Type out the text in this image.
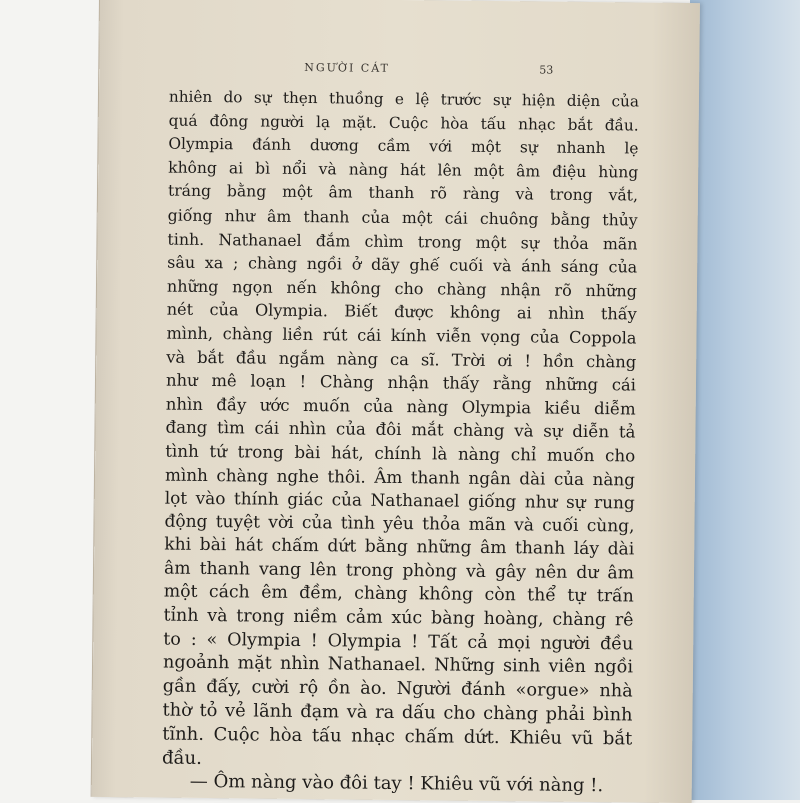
NGƯỜI CÁT	53
nhiên do sự thẹn thuồng e lệ trước sự hiện diện của
quá đông người lạ mặt. Cuộc hòa tấu nhạc bắt đầu.
Olympia đánh dương cầm với một sự nhanh lẹ
không ai bì nổi và nàng hát lên một âm điệu hùng
tráng bằng một âm thanh rõ ràng và trong vắt,
giống như âm thanh của một cái chuông bằng thủy
tinh. Nathanael đắm chìm trong một sự thỏa mãn
sâu xa ; chàng ngồi ở dãy ghế cuối và ánh sáng của
những ngọn nến không cho chàng nhận rõ những
nét của Olympia. Biết được không ai nhìn thấy
mình, chàng liền rút cái kính viễn vọng của Coppola
và bắt đầu ngắm nàng ca sĩ. Trời ơi ! hồn chàng
như mê loạn ! Chàng nhận thấy rằng những cái
nhìn đầy ước muốn của nàng Olympia kiều diễm
đang tìm cái nhìn của đôi mắt chàng và sự diễn tả
tình tứ trong bài hát, chính là nàng chỉ muốn cho
mình chàng nghe thôi. Âm thanh ngân dài của nàng
lọt vào thính giác của Nathanael giống như sự rung
động tuyệt vời của tình yêu thỏa mãn và cuối cùng,
khi bài hát chấm dứt bằng những âm thanh láy dài
âm thanh vang lên trong phòng và gây nên dư âm
một cách êm đềm, chàng không còn thể tự trấn
tỉnh và trong niềm cảm xúc bàng hoàng, chàng rê
to : « Olympia ! Olympia ! Tất cả mọi người đều
ngoảnh mặt nhìn Nathanael. Những sinh viên ngồi
gần đấy, cười rộ ồn ào. Người đánh «orgue» nhà
thờ tỏ vẻ lãnh đạm và ra dấu cho chàng phải bình
tĩnh. Cuộc hòa tấu nhạc chấm dứt. Khiêu vũ bắt
đầu.
— Ôm nàng vào đôi tay ! Khiêu vũ với nàng !.
